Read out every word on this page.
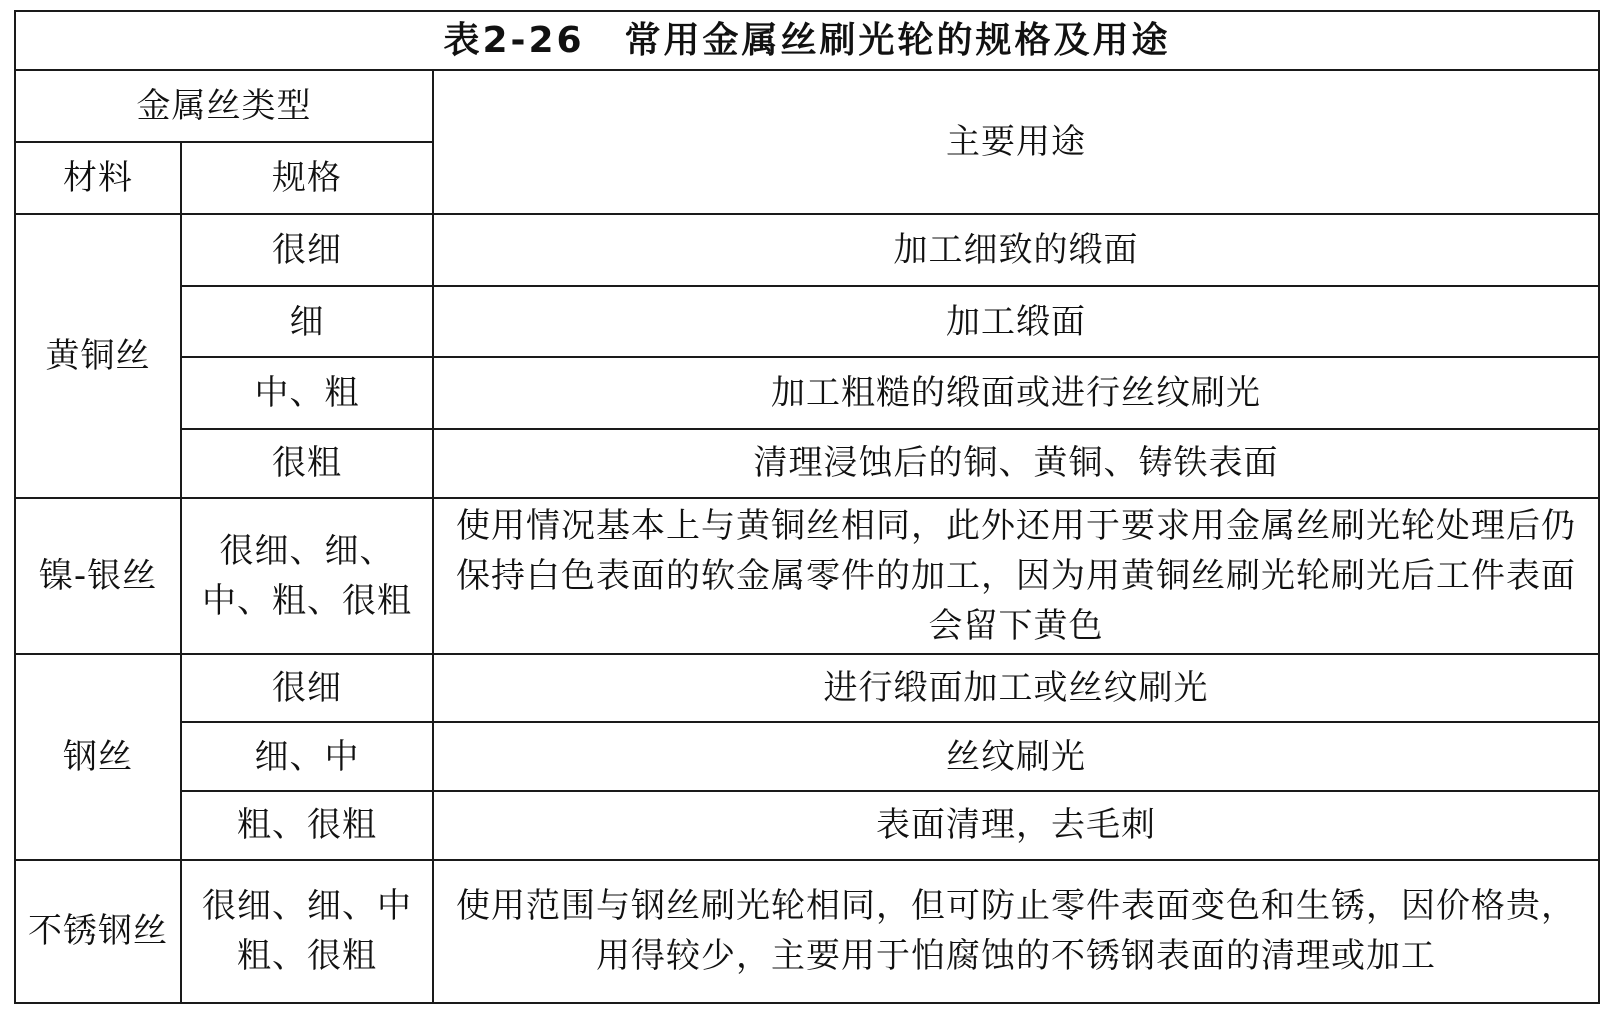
表2-26 常用金属丝刷光轮的规格及用途		
金属丝类型		主要用途
材料	规格	
黄铜丝	很细	加工细致的缎面
	细	加工缎面
	中、粗	加工粗糙的缎面或进行丝纹刷光
	很粗	清理浸蚀后的铜、黄铜、铸铁表面
镍-银丝	很细、细、中、粗、很粗	使用情况基本上与黄铜丝相同，此外还用于要求用金属丝刷光轮处理后仍保持白色表面的软金属零件的加工，因为用黄铜丝刷光轮刷光后工件表面会留下黄色
钢丝	很细	进行缎面加工或丝纹刷光
	细、中	丝纹刷光
	粗、很粗	表面清理，去毛刺
不锈钢丝	很细、细、中粗、很粗	使用范围与钢丝刷光轮相同，但可防止零件表面变色和生锈，因价格贵，用得较少，主要用于怕腐蚀的不锈钢表面的清理或加工
